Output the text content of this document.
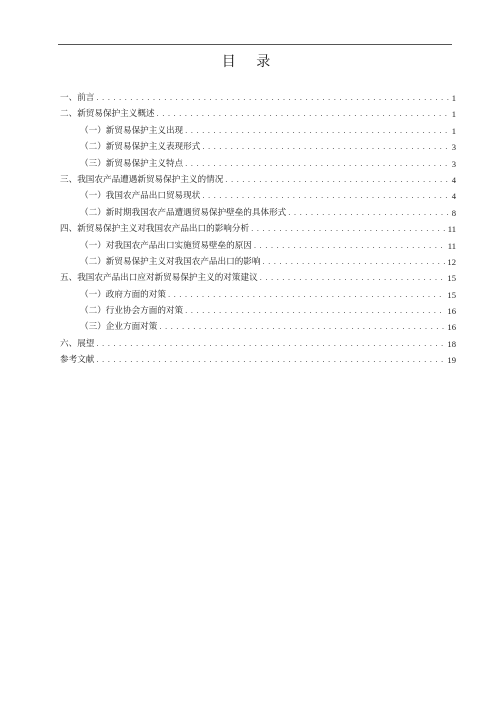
目 录
一、前言 . . .	1
二、新贸易保护主义概述 . . .	1
（一）新贸易保护主义出现 . . .	1
（二）新贸易保护主义表现形式 . . .	3
（三）新贸易保护主义特点 . . .	3
三、我国农产品遭遇新贸易保护主义的情况 . . .	4
（一）我国农产品出口贸易现状 . . .	4
（二）新时期我国农产品遭遇贸易保护壁垒的具体形式 . . .	8
四、新贸易保护主义对我国农产品出口的影响分析 . . .	11
（一）对我国农产品出口实施贸易壁垒的原因 . . .	11
（二）新贸易保护主义对我国农产品出口的影响 . . .	12
五、我国农产品出口应对新贸易保护主义的对策建议 . . .	15
（一）政府方面的对策 . . .	15
（二）行业协会方面的对策 . . .	16
（三）企业方面对策 . . .	16
六、展望 . . .	18
参考文献 . . .	19
